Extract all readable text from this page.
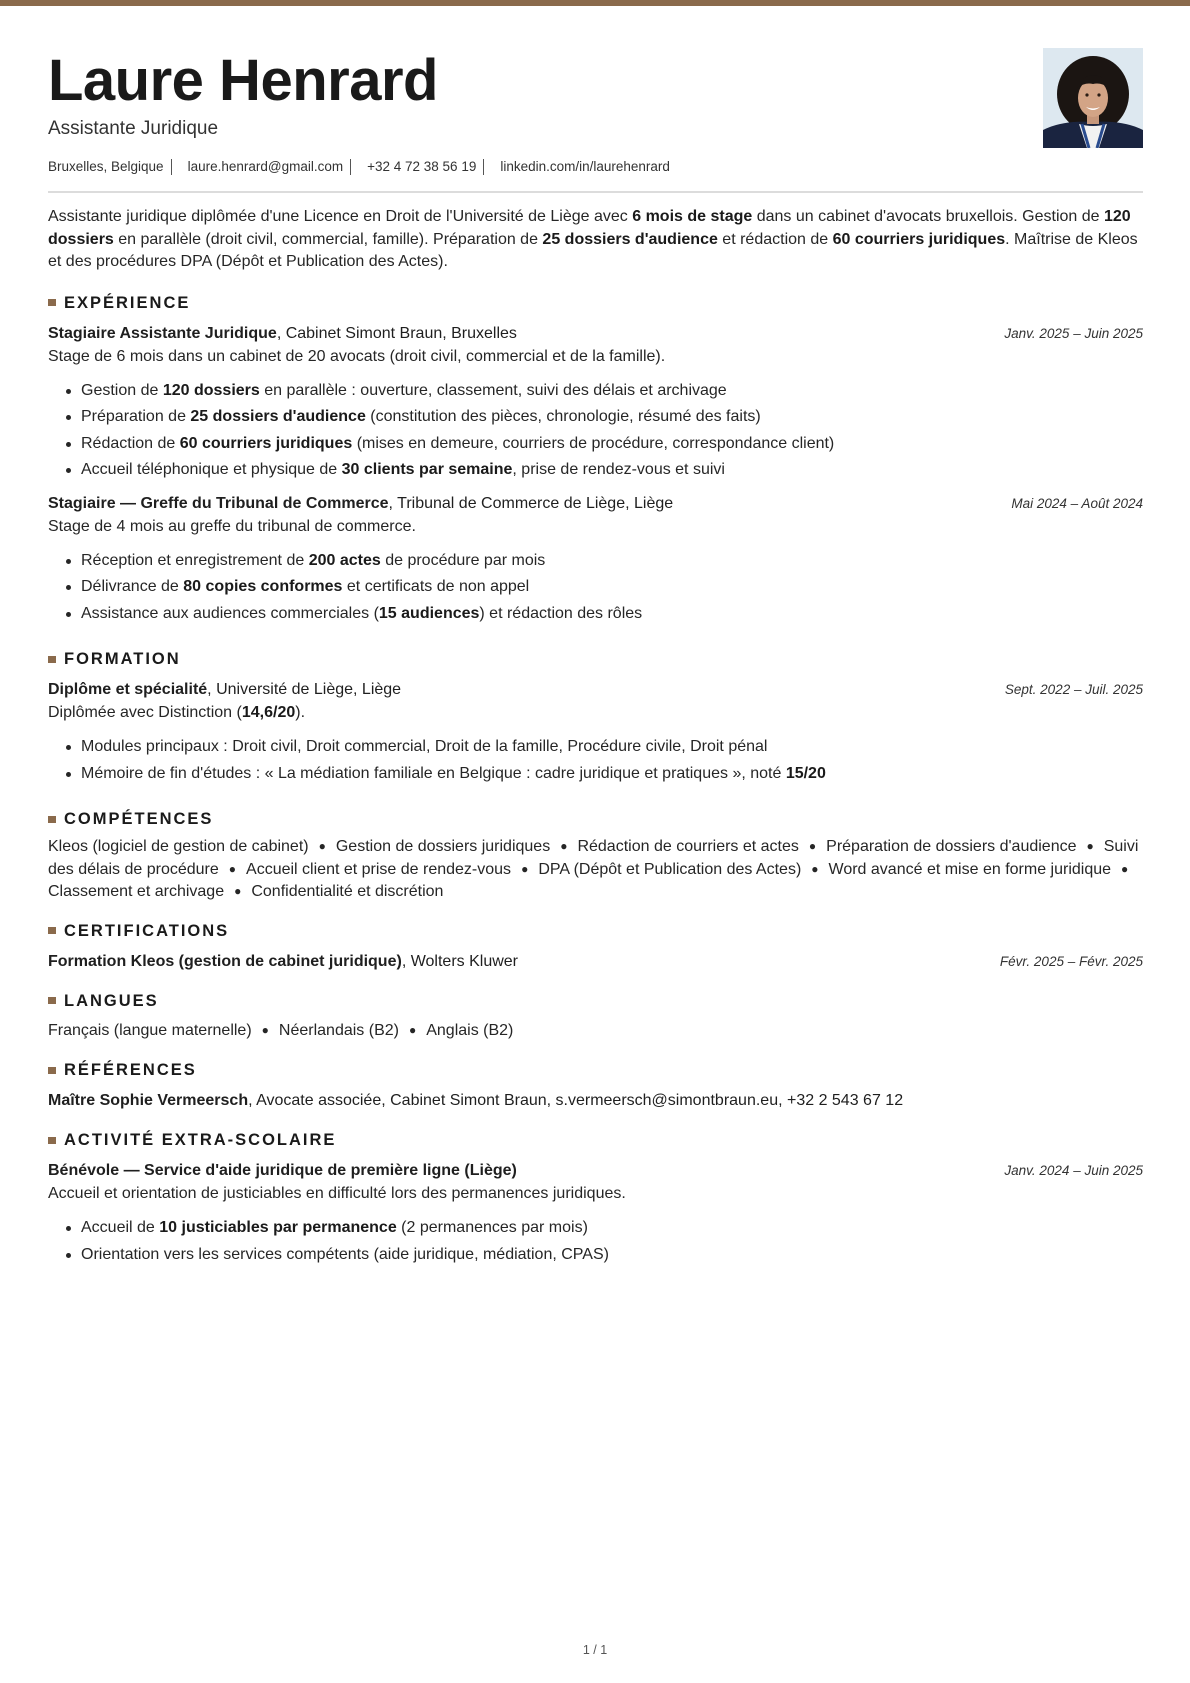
Laure Henrard
Assistante Juridique
Bruxelles, Belgique laure.henrard@gmail.com +32 4 72 38 56 19 linkedin.com/in/laurehenrard

Assistante juridique diplômée d'une Licence en Droit de l'Université de Liège avec 6 mois de stage dans un cabinet d'avocats bruxellois. Gestion de 120 dossiers en parallèle (droit civil, commercial, famille). Préparation de 25 dossiers d'audience et rédaction de 60 courriers juridiques. Maîtrise de Kleos et des procédures DPA (Dépôt et Publication des Actes).

EXPÉRIENCE
Stagiaire Assistante Juridique, Cabinet Simont Braun, Bruxelles	Janv. 2025 – Juin 2025
Stage de 6 mois dans un cabinet de 20 avocats (droit civil, commercial et de la famille).
Gestion de 120 dossiers en parallèle : ouverture, classement, suivi des délais et archivage
Préparation de 25 dossiers d'audience (constitution des pièces, chronologie, résumé des faits)
Rédaction de 60 courriers juridiques (mises en demeure, courriers de procédure, correspondance client)
Accueil téléphonique et physique de 30 clients par semaine, prise de rendez-vous et suivi
Stagiaire — Greffe du Tribunal de Commerce, Tribunal de Commerce de Liège, Liège	Mai 2024 – Août 2024
Stage de 4 mois au greffe du tribunal de commerce.
Réception et enregistrement de 200 actes de procédure par mois
Délivrance de 80 copies conformes et certificats de non appel
Assistance aux audiences commerciales (15 audiences) et rédaction des rôles
FORMATION
Diplôme et spécialité, Université de Liège, Liège	Sept. 2022 – Juil. 2025
Diplômée avec Distinction (14,6/20).
Modules principaux : Droit civil, Droit commercial, Droit de la famille, Procédure civile, Droit pénal
Mémoire de fin d'études : « La médiation familiale en Belgique : cadre juridique et pratiques », noté 15/20
COMPÉTENCES

Kleos (logiciel de gestion de cabinet) ● Gestion de dossiers juridiques ● Rédaction de courriers et actes ● Préparation de dossiers d'audience ● Suivi des délais de procédure ● Accueil client et prise de rendez-vous ● DPA (Dépôt et Publication des Actes) ● Word avancé et mise en forme juridique ●Classement et archivage ● Confidentialité et discrétion

CERTIFICATIONS
Formation Kleos (gestion de cabinet juridique), Wolters Kluwer	Févr. 2025 – Févr. 2025
LANGUES

Français (langue maternelle) ● Néerlandais (B2) ● Anglais (B2)

RÉFÉRENCES
Maître Sophie Vermeersch, Avocate associée, Cabinet Simont Braun, s.vermeersch@simontbraun.eu, +32 2 543 67 12
ACTIVITÉ EXTRA-SCOLAIRE
Bénévole — Service d'aide juridique de première ligne (Liège)	Janv. 2024 – Juin 2025
Accueil et orientation de justiciables en difficulté lors des permanences juridiques.
Accueil de 10 justiciables par permanence (2 permanences par mois)
Orientation vers les services compétents (aide juridique, médiation, CPAS)
1 / 1
